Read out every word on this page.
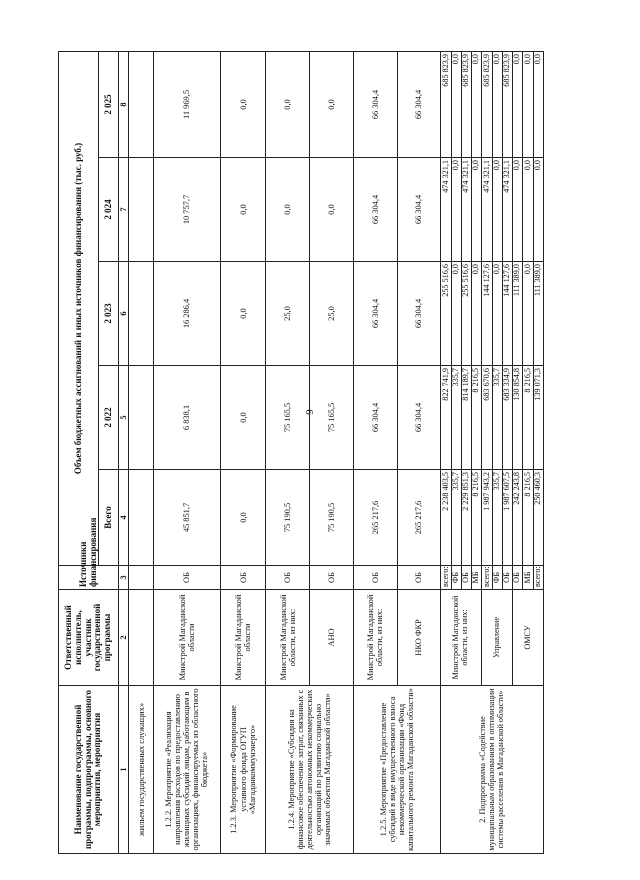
6
Наименование государственной программы, подпрограммы, основного мероприятия, мероприятия	Ответственный исполнитель, участник государственной программы	Источники финансирования	Объем бюджетных ассигнований и иных источников финансирования (тыс. руб.)				
			Всего	2 022	2 023	2 024	2 025
1	2	3	4	5	6	7	8
жильем государственных служащих»							
1.2.2. Мероприятие «Реализация направления расходов по предоставлению жилищных субсидий лицам, работающим в организациях, финансируемых из областного бюджета»	Минстрой Магаданской области	ОБ	45 851,7	6 838,1	16 286,4	10 757,7	11 969,5
1.2.3. Мероприятие «Формирование уставного фонда ОГУП «Магаданкоммунэнерго»	Минстрой Магаданской области	ОБ	0,0	0,0	0,0	0,0	0,0
1.2.4. Мероприятие «Субсидия на финансовое обеспечение затрат, связанных с деятельностью автономных некоммерческих организаций по развитию социально значимых объектов Магаданской области»	Минстрой Магаданской области, из них:	ОБ	75 190,5	75 165,5	25,0	0,0	0,0
	АНО	ОБ	75 190,5	75 165,5	25,0	0,0	0,0
1.2.5. Мероприятие «Предоставление субсидий в виде имущественного взноса некоммерческой организации «Фонд капитального ремонта Магаданской области»	Минстрой Магаданской области, из них:	ОБ	265 217,6	66 304,4	66 304,4	66 304,4	66 304,4
	НКО ФКР	ОБ	265 217,6	66 304,4	66 304,4	66 304,4	66 304,4
2. Подпрограмма «Содействие муниципальным образованиям в оптимизации системы расселения в Магаданской области»	Минстрой Магаданской области, из них:	всего:	2 238 403,5	822 741,9	255 516,6	474 321,1	685 823,9
		ФБ	335,7	335,7	0,0	0,0	0,0
		ОБ	2 229 851,3	814 189,7	255 516,6	474 321,1	685 823,9
		МБ	8 216,5	8 216,5	0,0	0,0	0,0
	Управление	всего:	1 987 943,2	683 670,6	144 127,6	474 321,1	685 823,9
		ФБ	335,7	335,7	0,0	0,0	0,0
		ОБ	1 987 607,5	683 334,9	144 127,6	474 321,1	685 823,9
	ОМСУ	ОБ	242 243,8	130 854,8	111 389,0	0,0	0,0
		МБ	8 216,5	8 216,5	0,0	0,0	0,0
		всего:	250 460,3	139 071,3	111 389,0	0,0	0,0
